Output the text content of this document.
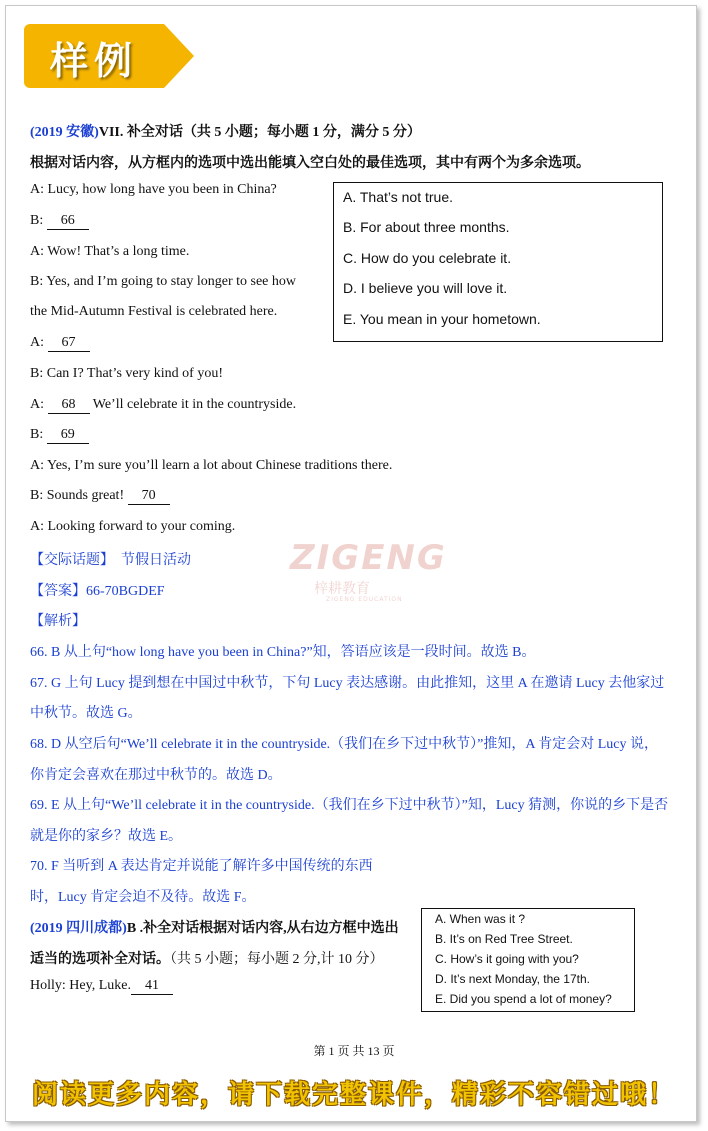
样例
(2019 安徽)VII. 补全对话（共 5 小题；每小题 1 分，满分 5 分）
根据对话内容，从方框内的选项中选出能填入空白处的最佳选项，其中有两个为多余选项。
A: Lucy, how long have you been in China?
B: 66
A: Wow! That’s a long time.
B: Yes, and I’m going to stay longer to see how
the Mid-Autumn Festival is celebrated here.
A: 67
B: Can I? That’s very kind of you!
A: 68 We’ll celebrate it in the countryside.
B: 69
A: Yes, I’m sure you’ll learn a lot about Chinese traditions there.
B: Sounds great! 70
A: Looking forward to your coming.
A. That’s not true.
B. For about three months.
C. How do you celebrate it.
D. I believe you will love it.
E. You mean in your hometown.
ZIGENG
梓耕教育
ZIGENG EDUCATION
【交际话题】 节假日活动
【答案】66-70BGDEF
【解析】
66. B 从上句“how long have you been in China?”知，答语应该是一段时间。故选 B。
67. G 上句 Lucy 提到想在中国过中秋节，下句 Lucy 表达感谢。由此推知，这里 A 在邀请 Lucy 去他家过
中秋节。故选 G。
68. D 从空后句“We’ll celebrate it in the countryside.（我们在乡下过中秋节）”推知，A 肯定会对 Lucy 说，
你肯定会喜欢在那过中秋节的。故选 D。
69. E 从上句“We’ll celebrate it in the countryside.（我们在乡下过中秋节）”知，Lucy 猜测，你说的乡下是否
就是你的家乡？故选 E。
70. F 当听到 A 表达肯定并说能了解许多中国传统的东西
时，Lucy 肯定会迫不及待。故选 F。
(2019 四川成都)B .补全对话根据对话内容,从右边方框中选出
适当的选项补全对话。（共 5 小题；每小题 2 分,计 10 分）
Holly: Hey, Luke. 41
A. When was it ?
B. It’s on Red Tree Street.
C. How’s it going with you?
D. It’s next Monday, the 17th.
E. Did you spend a lot of money?
第 1 页 共 13 页
阅读更多内容，请下载完整课件，精彩不容错过哦！
